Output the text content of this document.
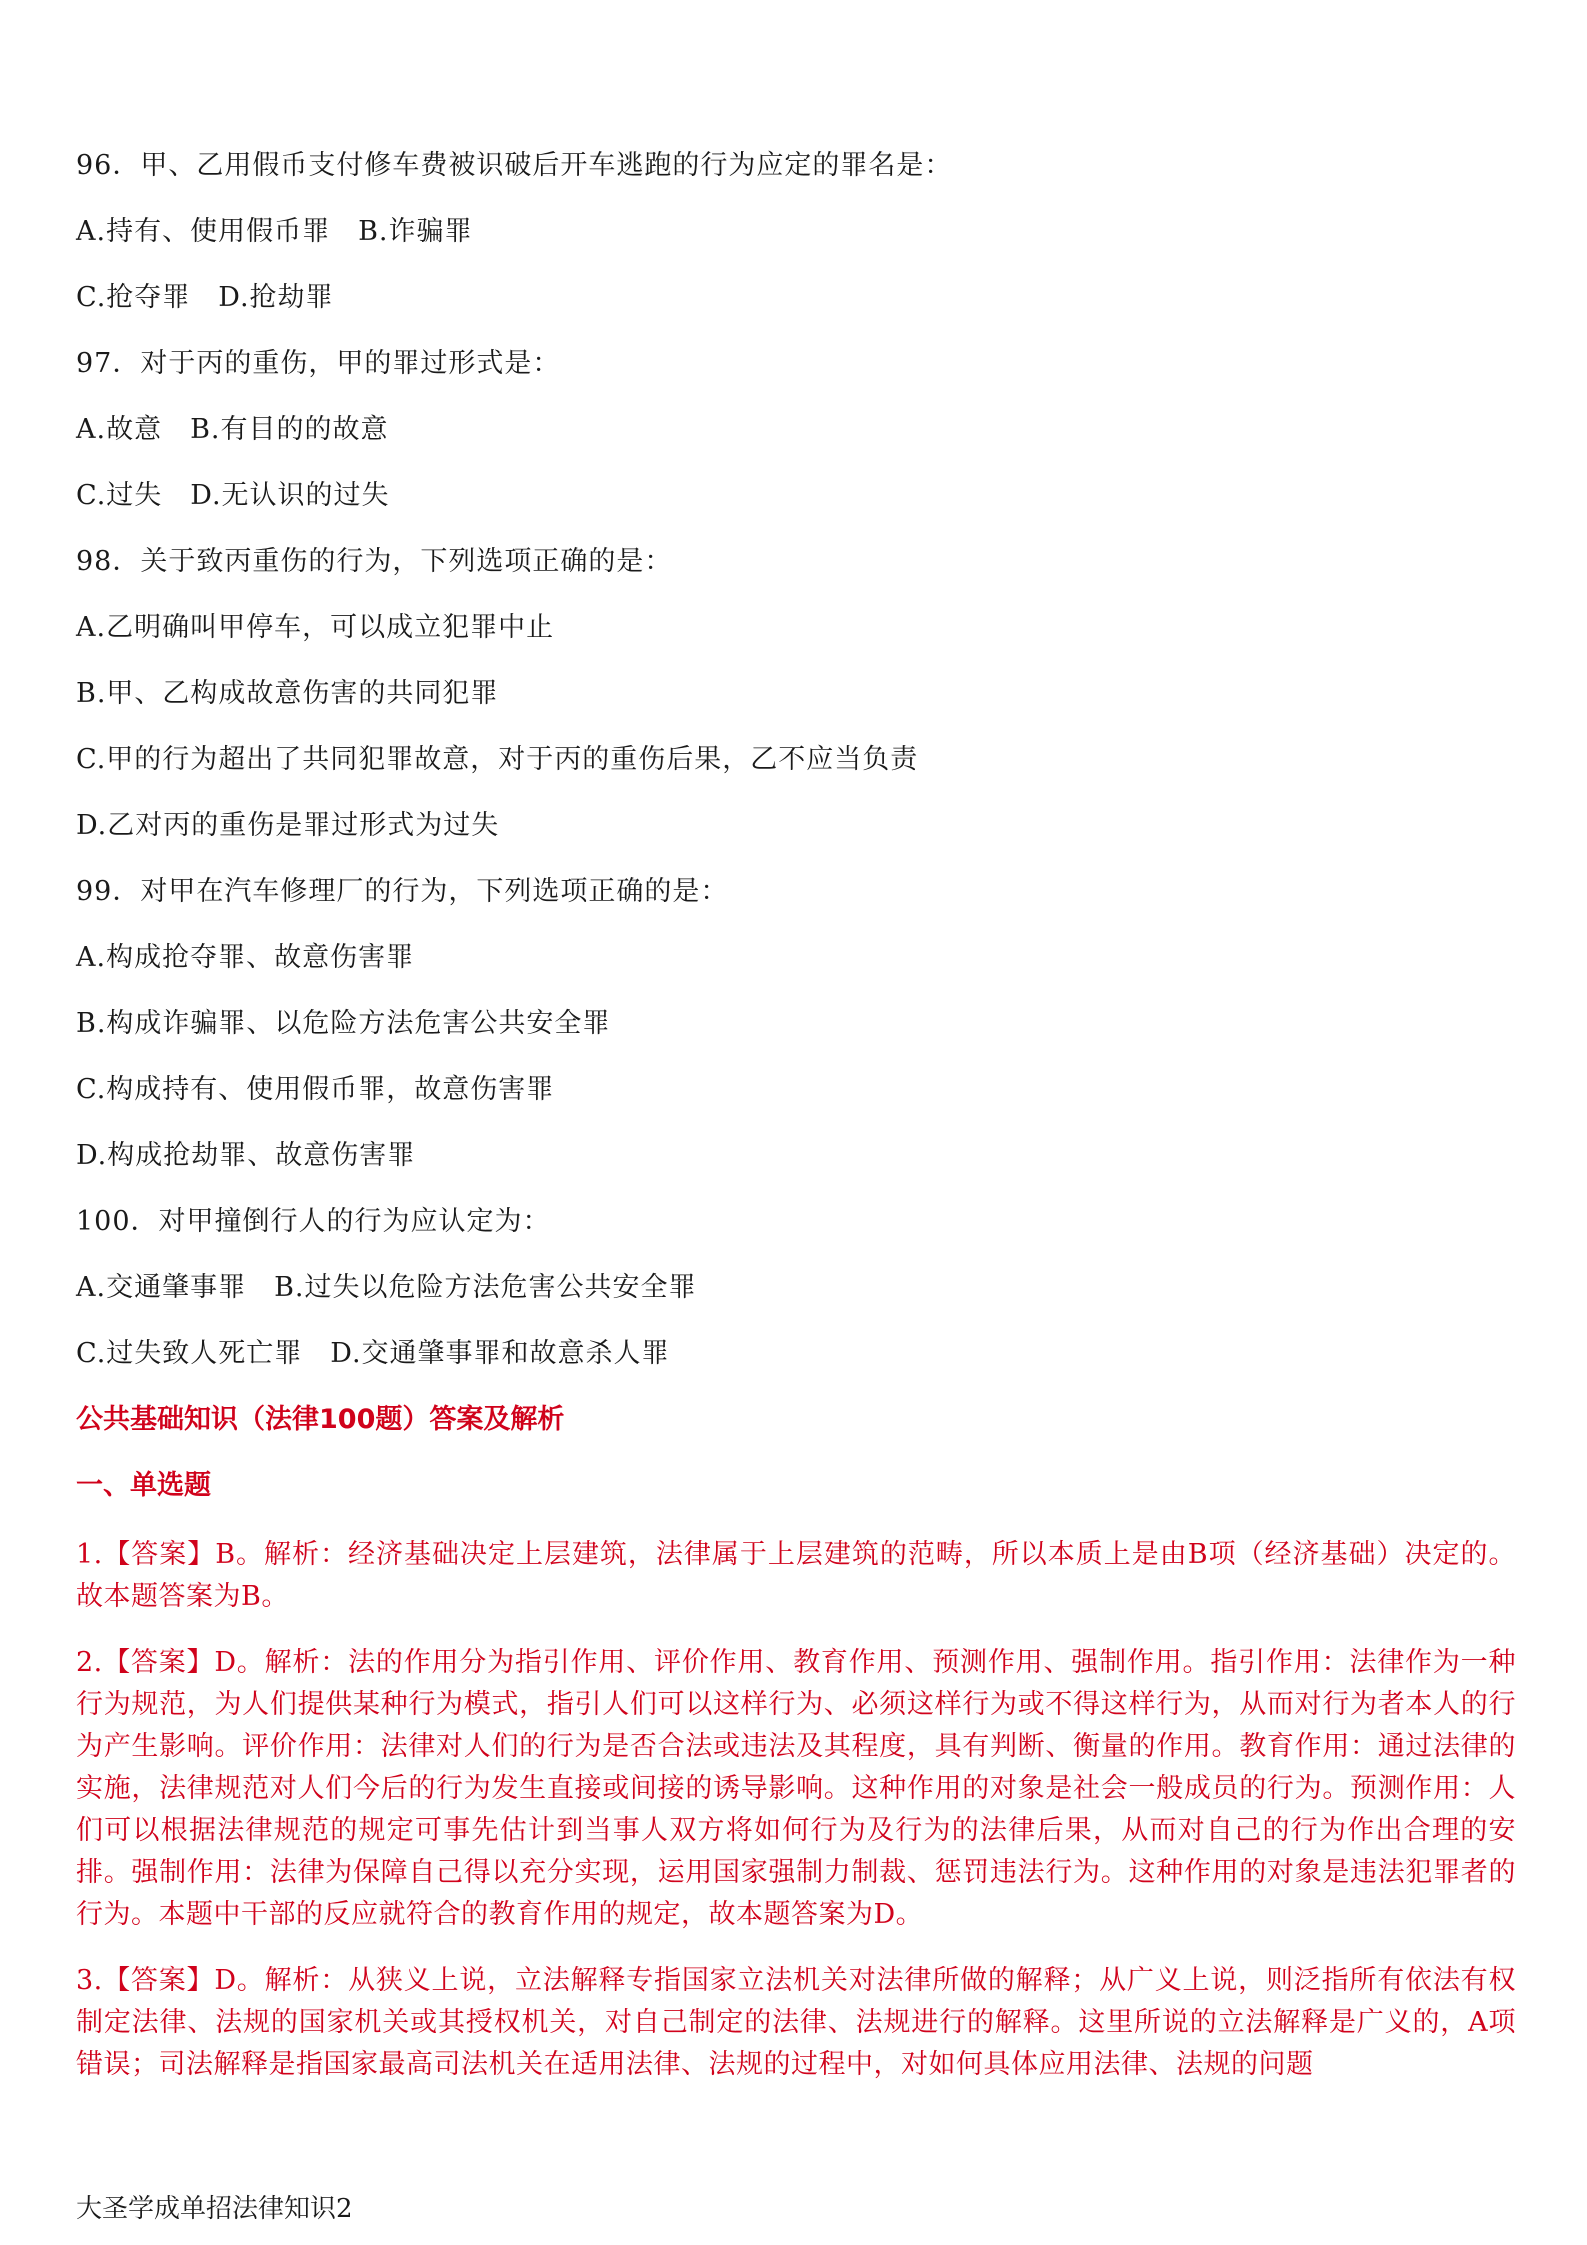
96．甲、乙用假币支付修车费被识破后开车逃跑的行为应定的罪名是：
A.持有、使用假币罪　B.诈骗罪
C.抢夺罪　D.抢劫罪
97．对于丙的重伤，甲的罪过形式是：
A.故意　B.有目的的故意
C.过失　D.无认识的过失
98．关于致丙重伤的行为，下列选项正确的是：
A.乙明确叫甲停车，可以成立犯罪中止
B.甲、乙构成故意伤害的共同犯罪
C.甲的行为超出了共同犯罪故意，对于丙的重伤后果，乙不应当负责
D.乙对丙的重伤是罪过形式为过失
99．对甲在汽车修理厂的行为，下列选项正确的是：
A.构成抢夺罪、故意伤害罪
B.构成诈骗罪、以危险方法危害公共安全罪
C.构成持有、使用假币罪，故意伤害罪
D.构成抢劫罪、故意伤害罪
100．对甲撞倒行人的行为应认定为：
A.交通肇事罪　B.过失以危险方法危害公共安全罪
C.过失致人死亡罪　D.交通肇事罪和故意杀人罪
公共基础知识（法律100题）答案及解析
一、单选题
1.【答案】B。解析：经济基础决定上层建筑，法律属于上层建筑的范畴，所以本质上是由B项（经济基础）决定的。故本题答案为B。
2.【答案】D。解析：法的作用分为指引作用、评价作用、教育作用、预测作用、强制作用。指引作用：法律作为一种行为规范，为人们提供某种行为模式，指引人们可以这样行为、必须这样行为或不得这样行为，从而对行为者本人的行为产生影响。评价作用：法律对人们的行为是否合法或违法及其程度，具有判断、衡量的作用。教育作用：通过法律的实施，法律规范对人们今后的行为发生直接或间接的诱导影响。这种作用的对象是社会一般成员的行为。预测作用：人们可以根据法律规范的规定可事先估计到当事人双方将如何行为及行为的法律后果，从而对自己的行为作出合理的安排。强制作用：法律为保障自己得以充分实现，运用国家强制力制裁、惩罚违法行为。这种作用的对象是违法犯罪者的行为。本题中干部的反应就符合的教育作用的规定，故本题答案为D。
3.【答案】D。解析：从狭义上说，立法解释专指国家立法机关对法律所做的解释；从广义上说，则泛指所有依法有权制定法律、法规的国家机关或其授权机关，对自己制定的法律、法规进行的解释。这里所说的立法解释是广义的，A项错误；司法解释是指国家最高司法机关在适用法律、法规的过程中，对如何具体应用法律、法规的问题
大圣学成单招法律知识2
